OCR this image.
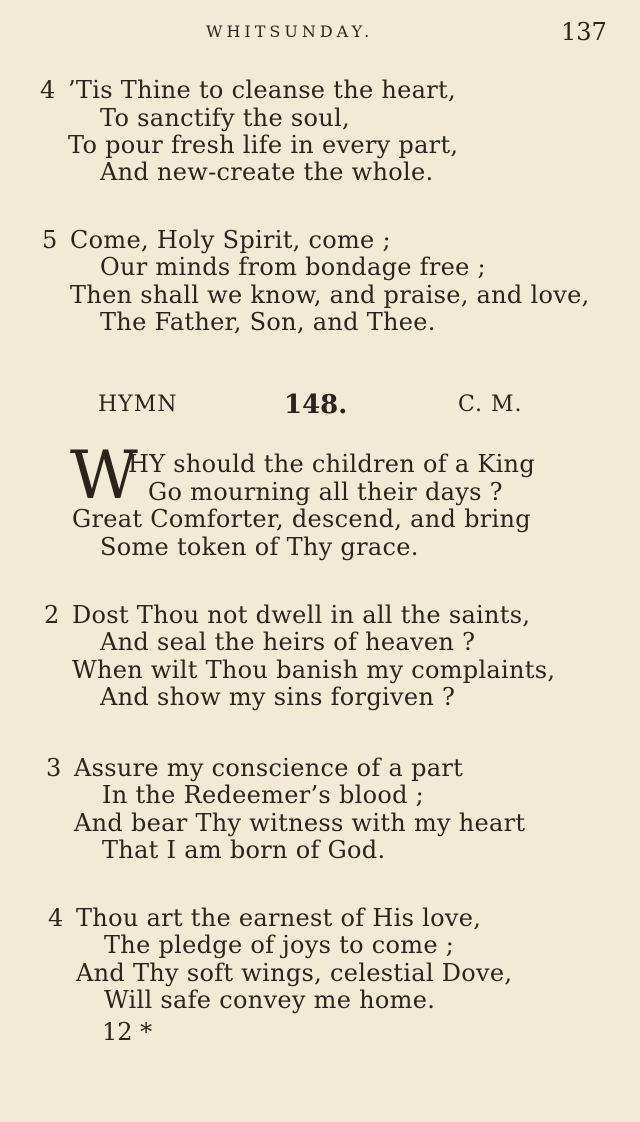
WHITSUNDAY.	137
4 ’Tis Thine to cleanse the heart,
To sanctify the soul,
To pour fresh life in every part,
And new-create the whole.
5 Come, Holy Spirit, come ;
Our minds from bondage free ;
Then shall we know, and praise, and love,
The Father, Son, and Thee.
HYMN	148.	C. M.
W
HY should the children of a King
Go mourning all their days ?
Great Comforter, descend, and bring
Some token of Thy grace.
2 Dost Thou not dwell in all the saints,
And seal the heirs of heaven ?
When wilt Thou banish my complaints,
And show my sins forgiven ?
3 Assure my conscience of a part
In the Redeemer’s blood ;
And bear Thy witness with my heart
That I am born of God.
4 Thou art the earnest of His love,
The pledge of joys to come ;
And Thy soft wings, celestial Dove,
Will safe convey me home.
12 *
